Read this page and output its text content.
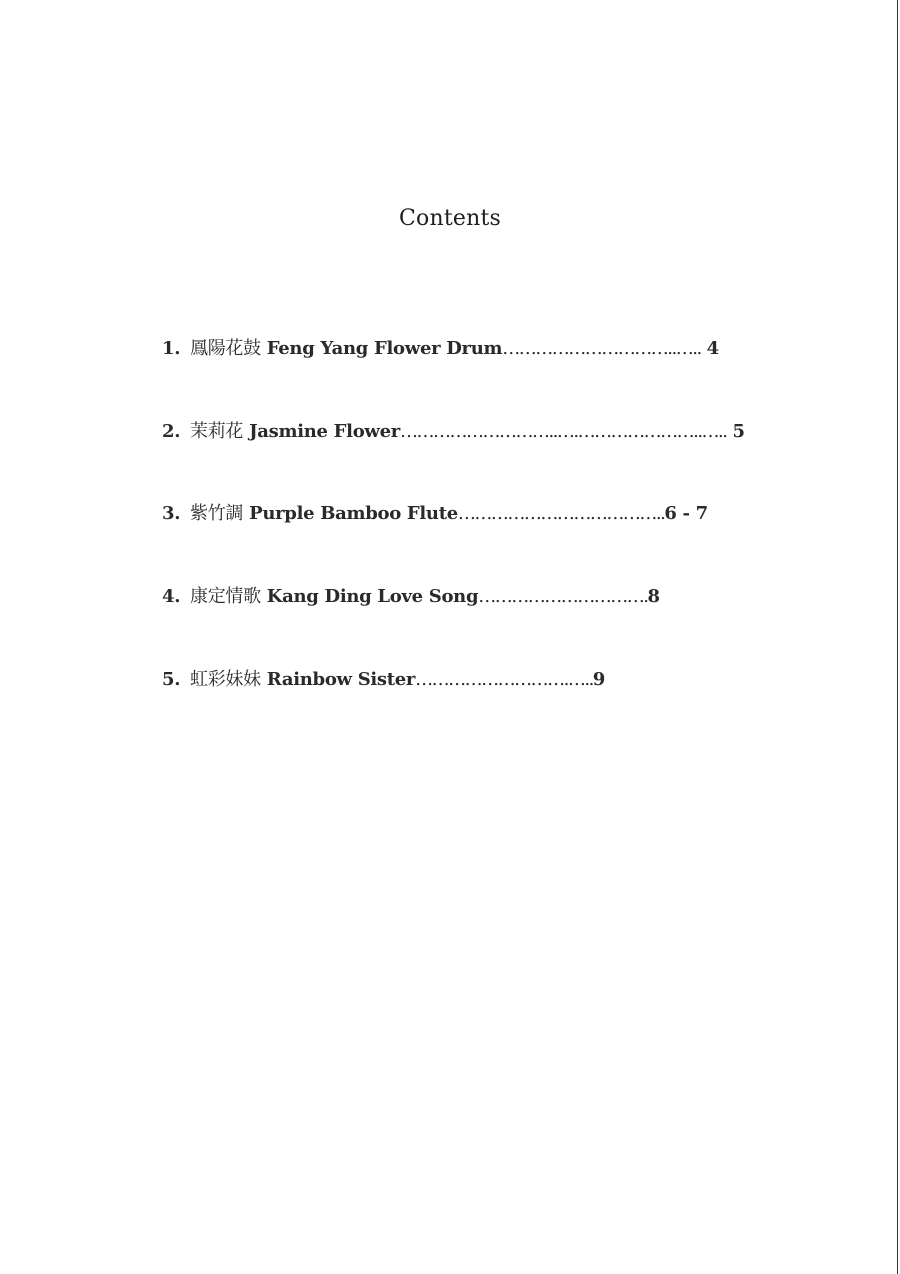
Contents
1. 鳳陽花鼓 Feng Yang Flower Drum…………………………..….. 4
2. 茉莉花 Jasmine Flower………………………..….…………………..….. 5
3. 紫竹調 Purple Bamboo Flute………………………………..6 - 7
4. 康定情歌 Kang Ding Love Song………………………….8
5. 虹彩妹妹 Rainbow Sister……………………….…..9
